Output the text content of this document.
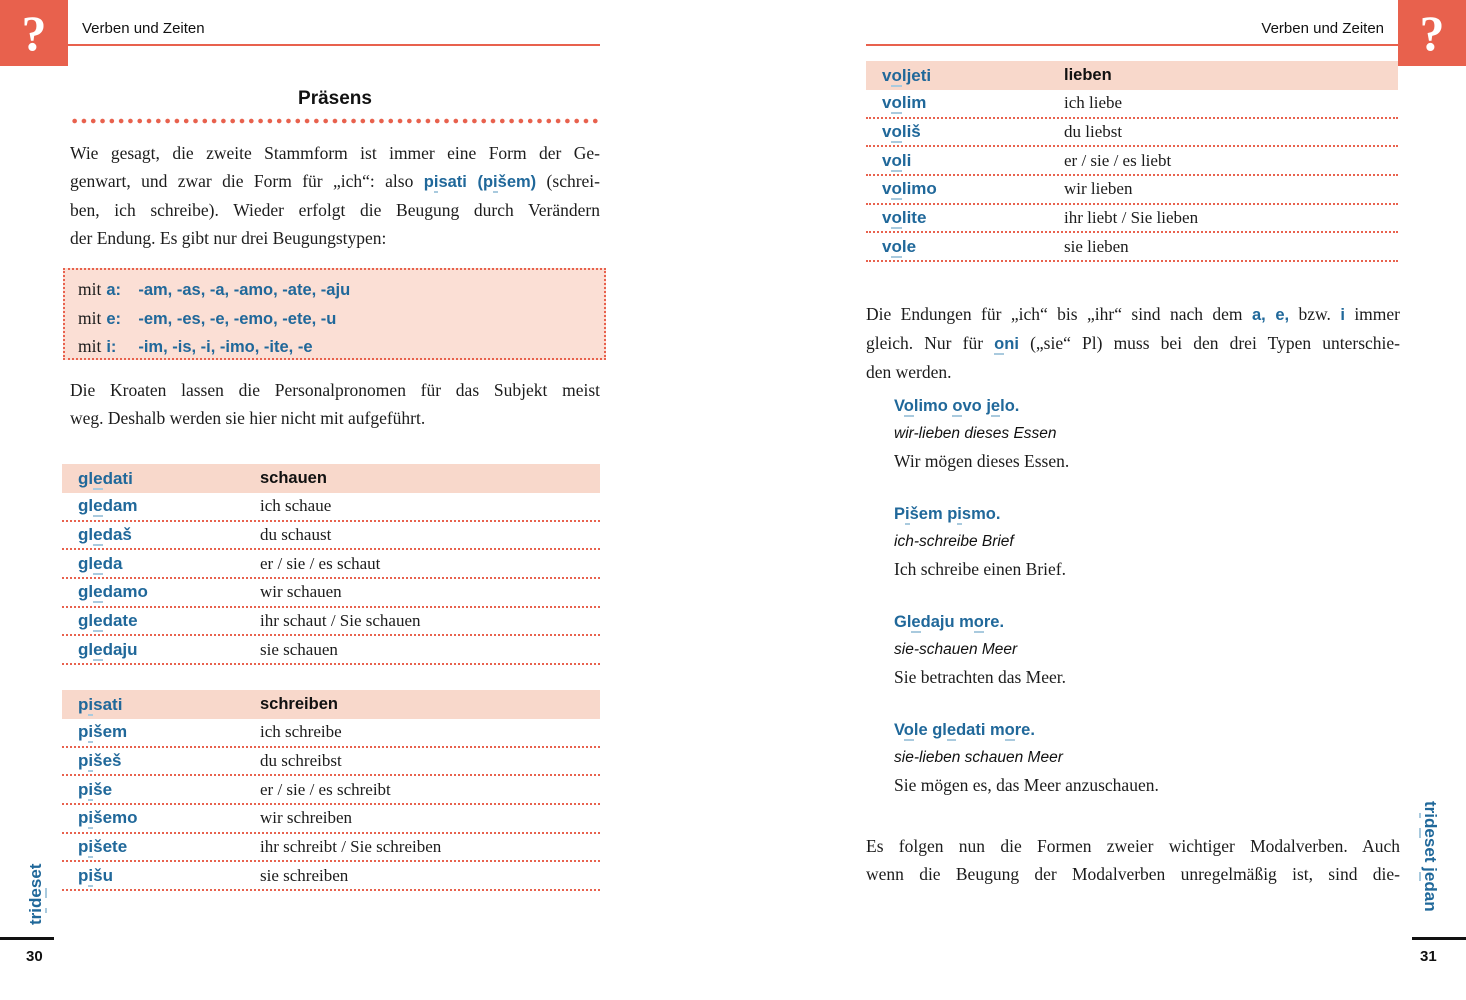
?	Verben und Zeiten
Präsens
Wie gesagt, die zweite Stammform ist immer eine Form der Ge-
genwart, und zwar die Form für „ich“: also pisati (pišem) (schrei-
ben, ich schreibe). Wieder erfolgt die Beugung durch Verändern
der Endung. Es gibt nur drei Beugungstypen:
mit a: -am, -as, -a, -amo, -ate, -aju
mit e: -em, -es, -e, -emo, -ete, -u
mit i: -im, -is, -i, -imo, -ite, -e
Die Kroaten lassen die Personalpronomen für das Subjekt meist
weg. Deshalb werden sie hier nicht mit aufgeführt.
gledati	schauen
gledam	ich schaue
gledaš	du schaust
gleda	er / sie / es schaut
gledamo	wir schauen
gledate	ihr schaut / Sie schauen
gledaju	sie schauen
pisati	schreiben
pišem	ich schreibe
pišeš	du schreibst
piše	er / sie / es schreibt
pišemo	wir schreiben
pišete	ihr schreibt / Sie schreiben
pišu	sie schreiben
trideset
30
?
Verben und Zeiten
voljeti	lieben
volim	ich liebe
voliš	du liebst
voli	er / sie / es liebt
volimo	wir lieben
volite	ihr liebt / Sie lieben
vole	sie lieben
Die Endungen für „ich“ bis „ihr“ sind nach dem a, e, bzw. i immer
gleich. Nur für oni („sie“ Pl) muss bei den drei Typen unterschie-
den werden.
Volimo ovo jelo.
wir-lieben dieses Essen
Wir mögen dieses Essen.
Pišem pismo.
ich-schreibe Brief
Ich schreibe einen Brief.
Gledaju more.
sie-schauen Meer
Sie betrachten das Meer.
Vole gledati more.
sie-lieben schauen Meer
Sie mögen es, das Meer anzuschauen.
Es folgen nun die Formen zweier wichtiger Modalverben. Auch
wenn die Beugung der Modalverben unregelmäßig ist, sind die-
trideset jedan
31
